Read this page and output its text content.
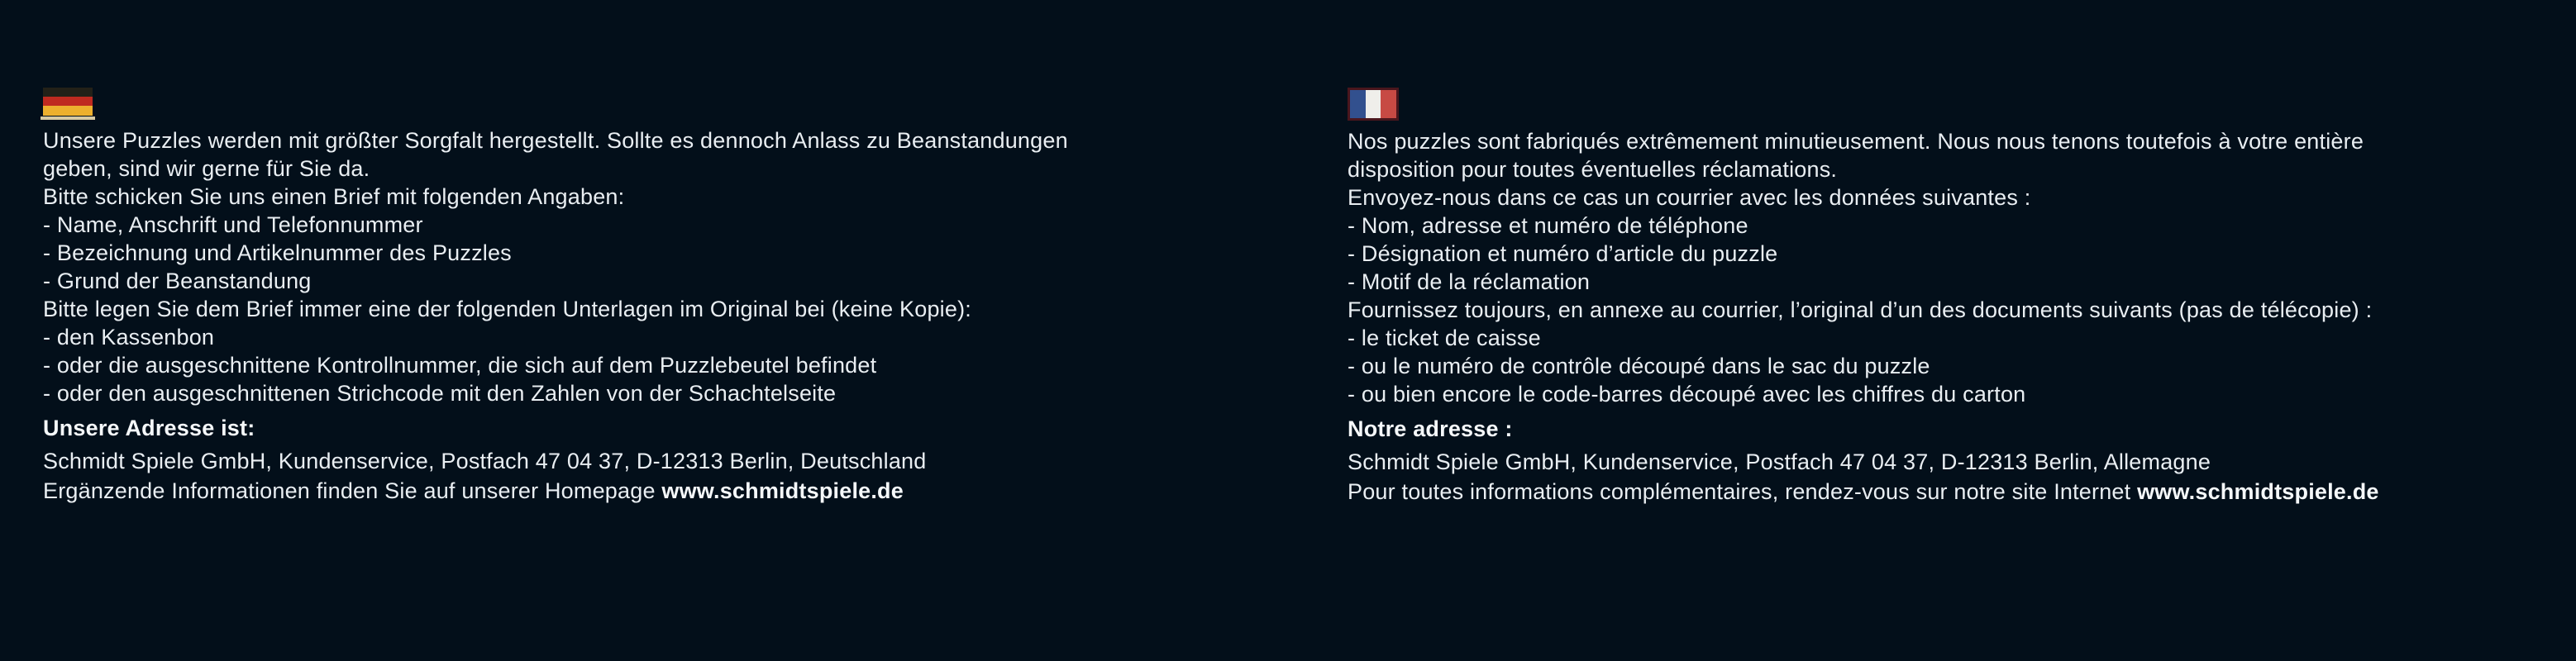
Unsere Puzzles werden mit größter Sorgfalt hergestellt. Sollte es dennoch Anlass zu Beanstandungen
geben, sind wir gerne für Sie da.
Bitte schicken Sie uns einen Brief mit folgenden Angaben:
- Name, Anschrift und Telefonnummer
- Bezeichnung und Artikelnummer des Puzzles
- Grund der Beanstandung
Bitte legen Sie dem Brief immer eine der folgenden Unterlagen im Original bei (keine Kopie):
- den Kassenbon
- oder die ausgeschnittene Kontrollnummer, die sich auf dem Puzzlebeutel befindet
- oder den ausgeschnittenen Strichcode mit den Zahlen von der Schachtelseite
Unsere Adresse ist:
Schmidt Spiele GmbH, Kundenservice, Postfach 47 04 37, D-12313 Berlin, Deutschland
Ergänzende Informationen finden Sie auf unserer Homepage www.schmidtspiele.de
Nos puzzles sont fabriqués extrêmement minutieusement. Nous nous tenons toutefois à votre entière
disposition pour toutes éventuelles réclamations.
Envoyez-nous dans ce cas un courrier avec les données suivantes :
- Nom, adresse et numéro de téléphone
- Désignation et numéro d’article du puzzle
- Motif de la réclamation
Fournissez toujours, en annexe au courrier, l’original d’un des documents suivants (pas de télécopie) :
- le ticket de caisse
- ou le numéro de contrôle découpé dans le sac du puzzle
- ou bien encore le code-barres découpé avec les chiffres du carton
Notre adresse :
Schmidt Spiele GmbH, Kundenservice, Postfach 47 04 37, D-12313 Berlin, Allemagne
Pour toutes informations complémentaires, rendez-vous sur notre site Internet www.schmidtspiele.de
